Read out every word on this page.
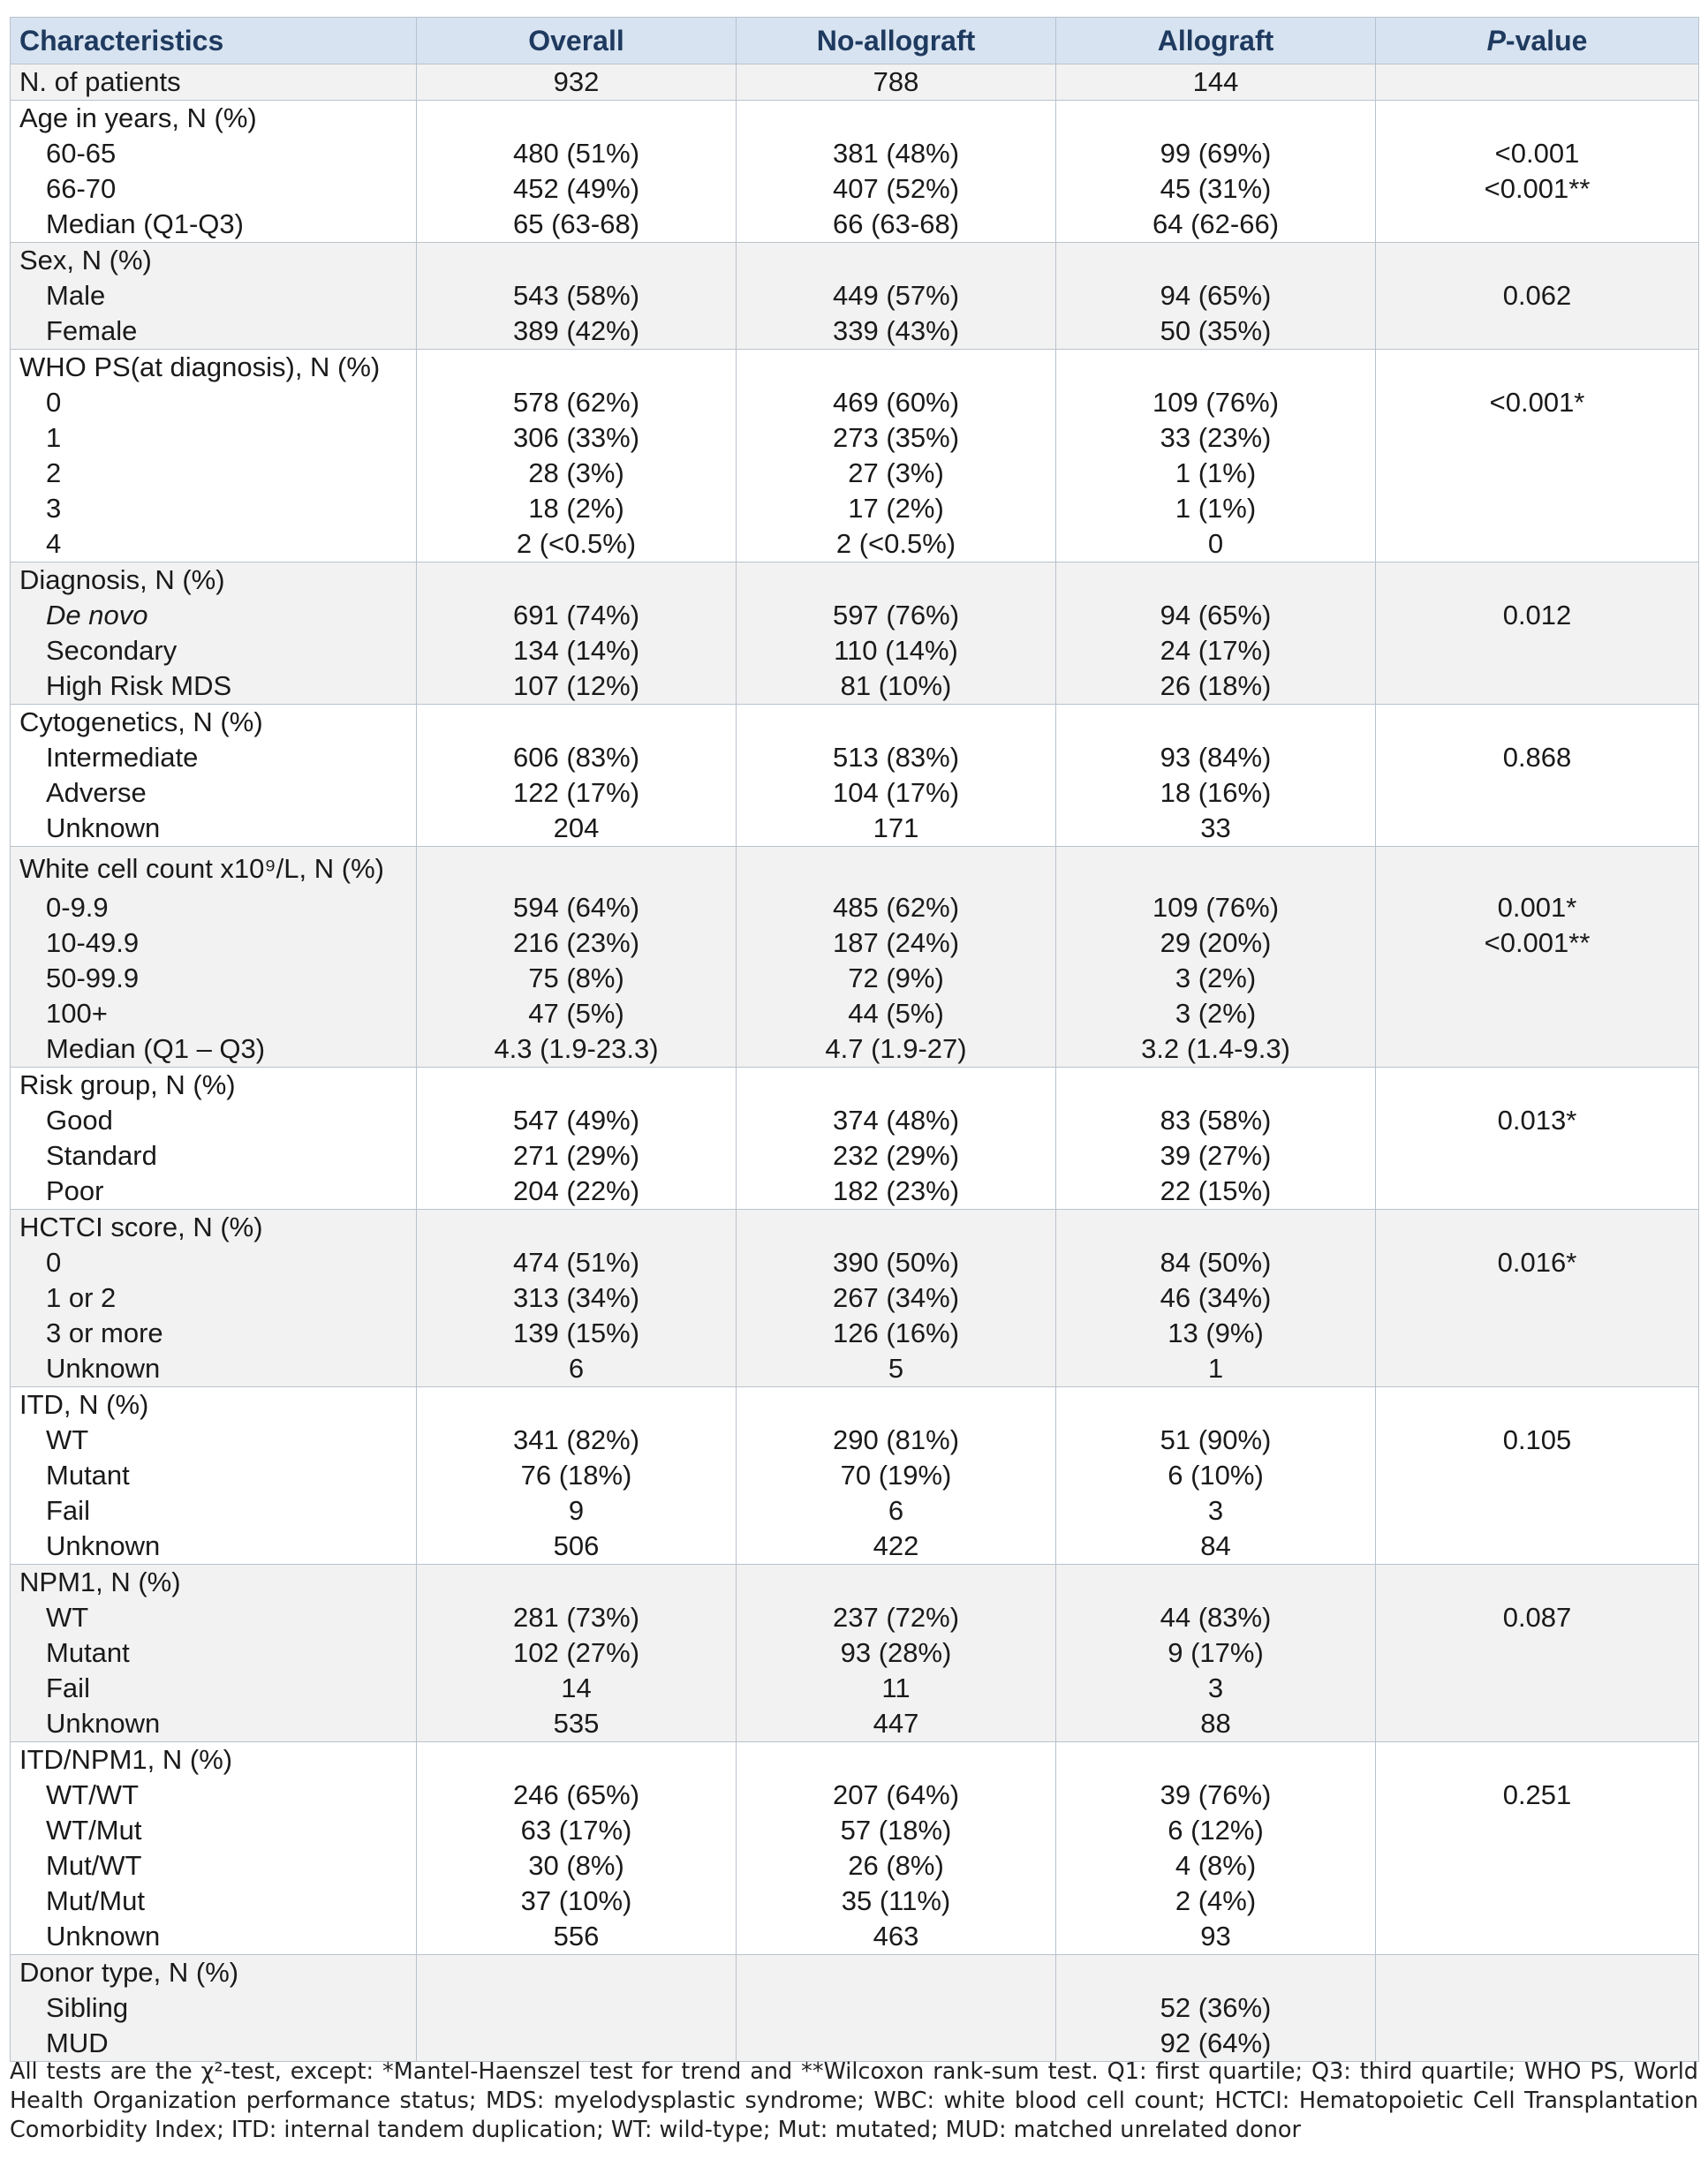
Characteristics	Overall	No-allograft	Allograft	P-value
N. of patients	932	788	144	
Age in years, N (%)				
60-65	480 (51%)	381 (48%)	99 (69%)	<0.001
66-70	452 (49%)	407 (52%)	45 (31%)	<0.001**
Median (Q1-Q3)	65 (63-68)	66 (63-68)	64 (62-66)	
Sex, N (%)				
Male	543 (58%)	449 (57%)	94 (65%)	0.062
Female	389 (42%)	339 (43%)	50 (35%)	
WHO PS(at diagnosis), N (%)				
0	578 (62%)	469 (60%)	109 (76%)	<0.001*
1	306 (33%)	273 (35%)	33 (23%)	
2	28 (3%)	27 (3%)	1 (1%)	
3	18 (2%)	17 (2%)	1 (1%)	
4	2 (<0.5%)	2 (<0.5%)	0	
Diagnosis, N (%)				
De novo	691 (74%)	597 (76%)	94 (65%)	0.012
Secondary	134 (14%)	110 (14%)	24 (17%)	
High Risk MDS	107 (12%)	81 (10%)	26 (18%)	
Cytogenetics, N (%)				
Intermediate	606 (83%)	513 (83%)	93 (84%)	0.868
Adverse	122 (17%)	104 (17%)	18 (16%)	
Unknown	204	171	33	
White cell count x10⁹/L, N (%)				
0-9.9	594 (64%)	485 (62%)	109 (76%)	0.001*
10-49.9	216 (23%)	187 (24%)	29 (20%)	<0.001**
50-99.9	75 (8%)	72 (9%)	3 (2%)	
100+	47 (5%)	44 (5%)	3 (2%)	
Median (Q1 – Q3)	4.3 (1.9-23.3)	4.7 (1.9-27)	3.2 (1.4-9.3)	
Risk group, N (%)				
Good	547 (49%)	374 (48%)	83 (58%)	0.013*
Standard	271 (29%)	232 (29%)	39 (27%)	
Poor	204 (22%)	182 (23%)	22 (15%)	
HCTCI score, N (%)				
0	474 (51%)	390 (50%)	84 (50%)	0.016*
1 or 2	313 (34%)	267 (34%)	46 (34%)	
3 or more	139 (15%)	126 (16%)	13 (9%)	
Unknown	6	5	1	
ITD, N (%)				
WT	341 (82%)	290 (81%)	51 (90%)	0.105
Mutant	76 (18%)	70 (19%)	6 (10%)	
Fail	9	6	3	
Unknown	506	422	84	
NPM1, N (%)				
WT	281 (73%)	237 (72%)	44 (83%)	0.087
Mutant	102 (27%)	93 (28%)	9 (17%)	
Fail	14	11	3	
Unknown	535	447	88	
ITD/NPM1, N (%)				
WT/WT	246 (65%)	207 (64%)	39 (76%)	0.251
WT/Mut	63 (17%)	57 (18%)	6 (12%)	
Mut/WT	30 (8%)	26 (8%)	4 (8%)	
Mut/Mut	37 (10%)	35 (11%)	2 (4%)	
Unknown	556	463	93	
Donor type, N (%)				
Sibling			52 (36%)	
MUD			92 (64%)	
All tests are the χ²-test, except: *Mantel-Haenszel test for trend and **Wilcoxon rank-sum test. Q1: first quartile; Q3: third quartile; WHO PS, World Health Organization performance status; MDS: myelodysplastic syndrome; WBC: white blood cell count; HCTCI: Hematopoietic Cell Transplantation Comorbidity Index; ITD: internal tandem duplication; WT: wild-type; Mut: mutated; MUD: matched unrelated donor
